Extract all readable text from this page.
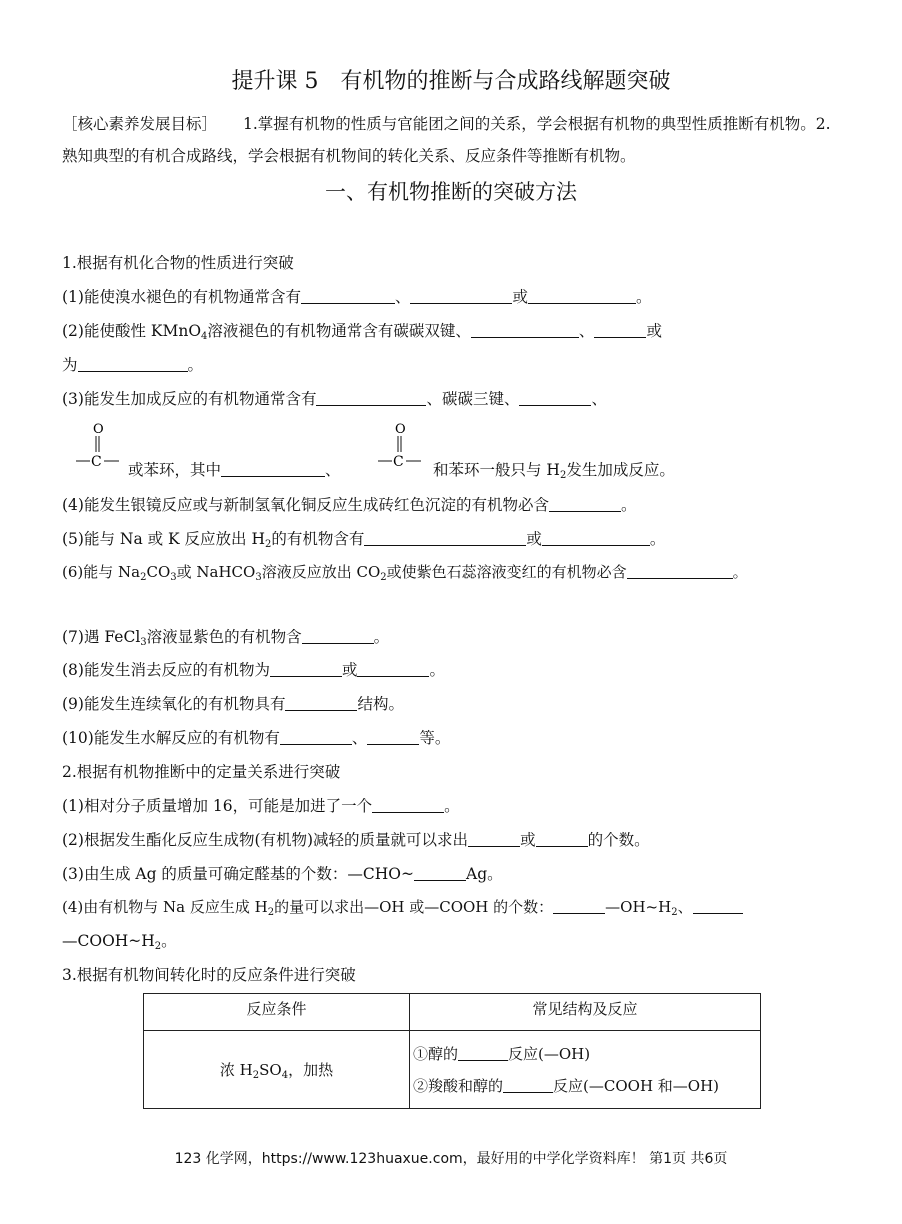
提升课 5　有机物的推断与合成路线解题突破
［核心素养发展目标］ 1.掌握有机物的性质与官能团之间的关系，学会根据有机物的典型性质推断有机物。2.
熟知典型的有机合成路线，学会根据有机物间的转化关系、反应条件等推断有机物。
一、有机物推断的突破方法
1.根据有机化合物的性质进行突破
(1)能使溴水褪色的有机物通常含有	、	或	。
(2)能使酸性 KMnO$_4$溶液褪色的有机物通常含有碳碳双键、	、	或
为	。
(3)能发生加成反应的有机物通常含有	、碳碳三键、	、
O
C
O
C
或苯环，其中	、	和苯环一般只与 $H_2$发生加成反应。
(4)能发生银镜反应或与新制氢氧化铜反应生成砖红色沉淀的有机物必含	。
(5)能与 Na 或 K 反应放出 $H_2$的有机物含有	或	。
(6)能与 $Na_2CO_3$或 NaHCO$_3$溶液反应放出 $CO_2$或使紫色石蕊溶液变红的有机物必含	。
(7)遇 FeCl$_3$溶液显紫色的有机物含	。
(8)能发生消去反应的有机物为	或	。
(9)能发生连续氧化的有机物具有	结构。
(10)能发生水解反应的有机物有	、	等。
2.根据有机物推断中的定量关系进行突破
(1)相对分子质量增加 16，可能是加进了一个	。
(2)根据发生酯化反应生成物(有机物)减轻的质量就可以求出	或	的个数。
(3)由生成 Ag 的质量可确定醛基的个数：—CHO~	Ag。
(4)由有机物与 Na 反应生成 $H_2$的量可以求出—OH 或—COOH 的个数：	$—OH\sim H_2$、
$—COOH\sim H_2$。
3.根据有机物间转化时的反应条件进行突破
反应条件	常见结构及反应
浓 $H_2SO_4$，加热	①醇的 反应(—OH)
②羧酸和醇的 反应(—COOH 和—OH)
123 化学网，https://www.123huaxue.com，最好用的中学化学资料库！ 第1页 共6页
